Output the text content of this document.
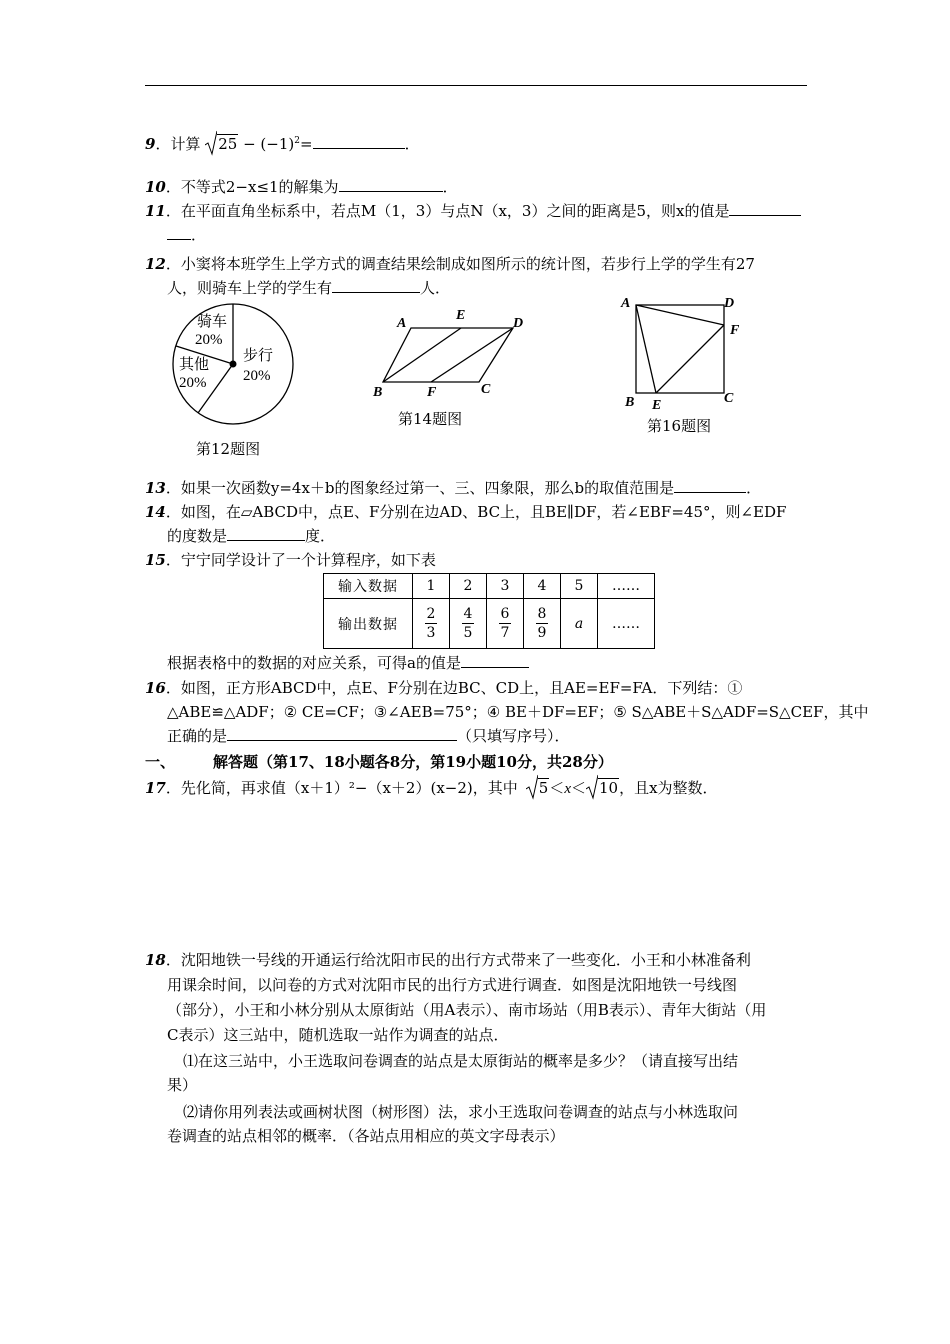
9．计算 $25 - (-1)^2=$	．
10．不等式2−x≤1的解集为	．
11．在平面直角坐标系中，若点M（1，3）与点N（x，3）之间的距离是5，则x的值是
．
12．小窦将本班学生上学方式的调查结果绘制成如图所示的统计图，若步行上学的学生有27
人，则骑车上学的学生有	人．
骑车
20%
其他
20%
步行
20%
第12题图
A
E
D
B	F	C
第14题图
A	D
F
B E	C
第16题图
13．如果一次函数y=4x＋b的图象经过第一、三、四象限，那么b的取值范围是	．
14．如图，在▱ABCD中，点E、F分别在边AD、BC上，且BE∥DF，若∠EBF=45°，则∠EDF
的度数是	度．
15．宁宁同学设计了一个计算程序，如下表
输入数据	1	2	3	4	5	……
输出数据	$\frac{2}{3}$	$\frac{4}{5}$	$\frac{6}{7}$	$\frac{8}{9}$	a	……
根据表格中的数据的对应关系，可得a的值是
16．如图，正方形ABCD中，点E、F分别在边BC、CD上，且AE=EF=FA．下列结：①
△ABE≌△ADF；② CE=CF；③∠AEB=75°；④ BE＋DF=EF；⑤ S△ABE＋S△ADF=S△CEF，其中
正确的是	（只填写序号）．
一、	解答题（第17、18小题各8分，第19小题10分，共28分）
17．先化简，再求值（x＋1）²−（x＋2）(x−2)，其中 5＜x＜ 10，且x为整数．
18．沈阳地铁一号线的开通运行给沈阳市民的出行方式带来了一些变化．小王和小林准备利
用课余时间，以问卷的方式对沈阳市民的出行方式进行调查．如图是沈阳地铁一号线图
（部分），小王和小林分别从太原街站（用A表示）、南市场站（用B表示）、青年大街站（用
C表示）这三站中，随机选取一站作为调查的站点．
⑴在这三站中，小王选取问卷调查的站点是太原街站的概率是多少？（请直接写出结
果）
⑵请你用列表法或画树状图（树形图）法，求小王选取问卷调查的站点与小林选取问
卷调查的站点相邻的概率．（各站点用相应的英文字母表示）
